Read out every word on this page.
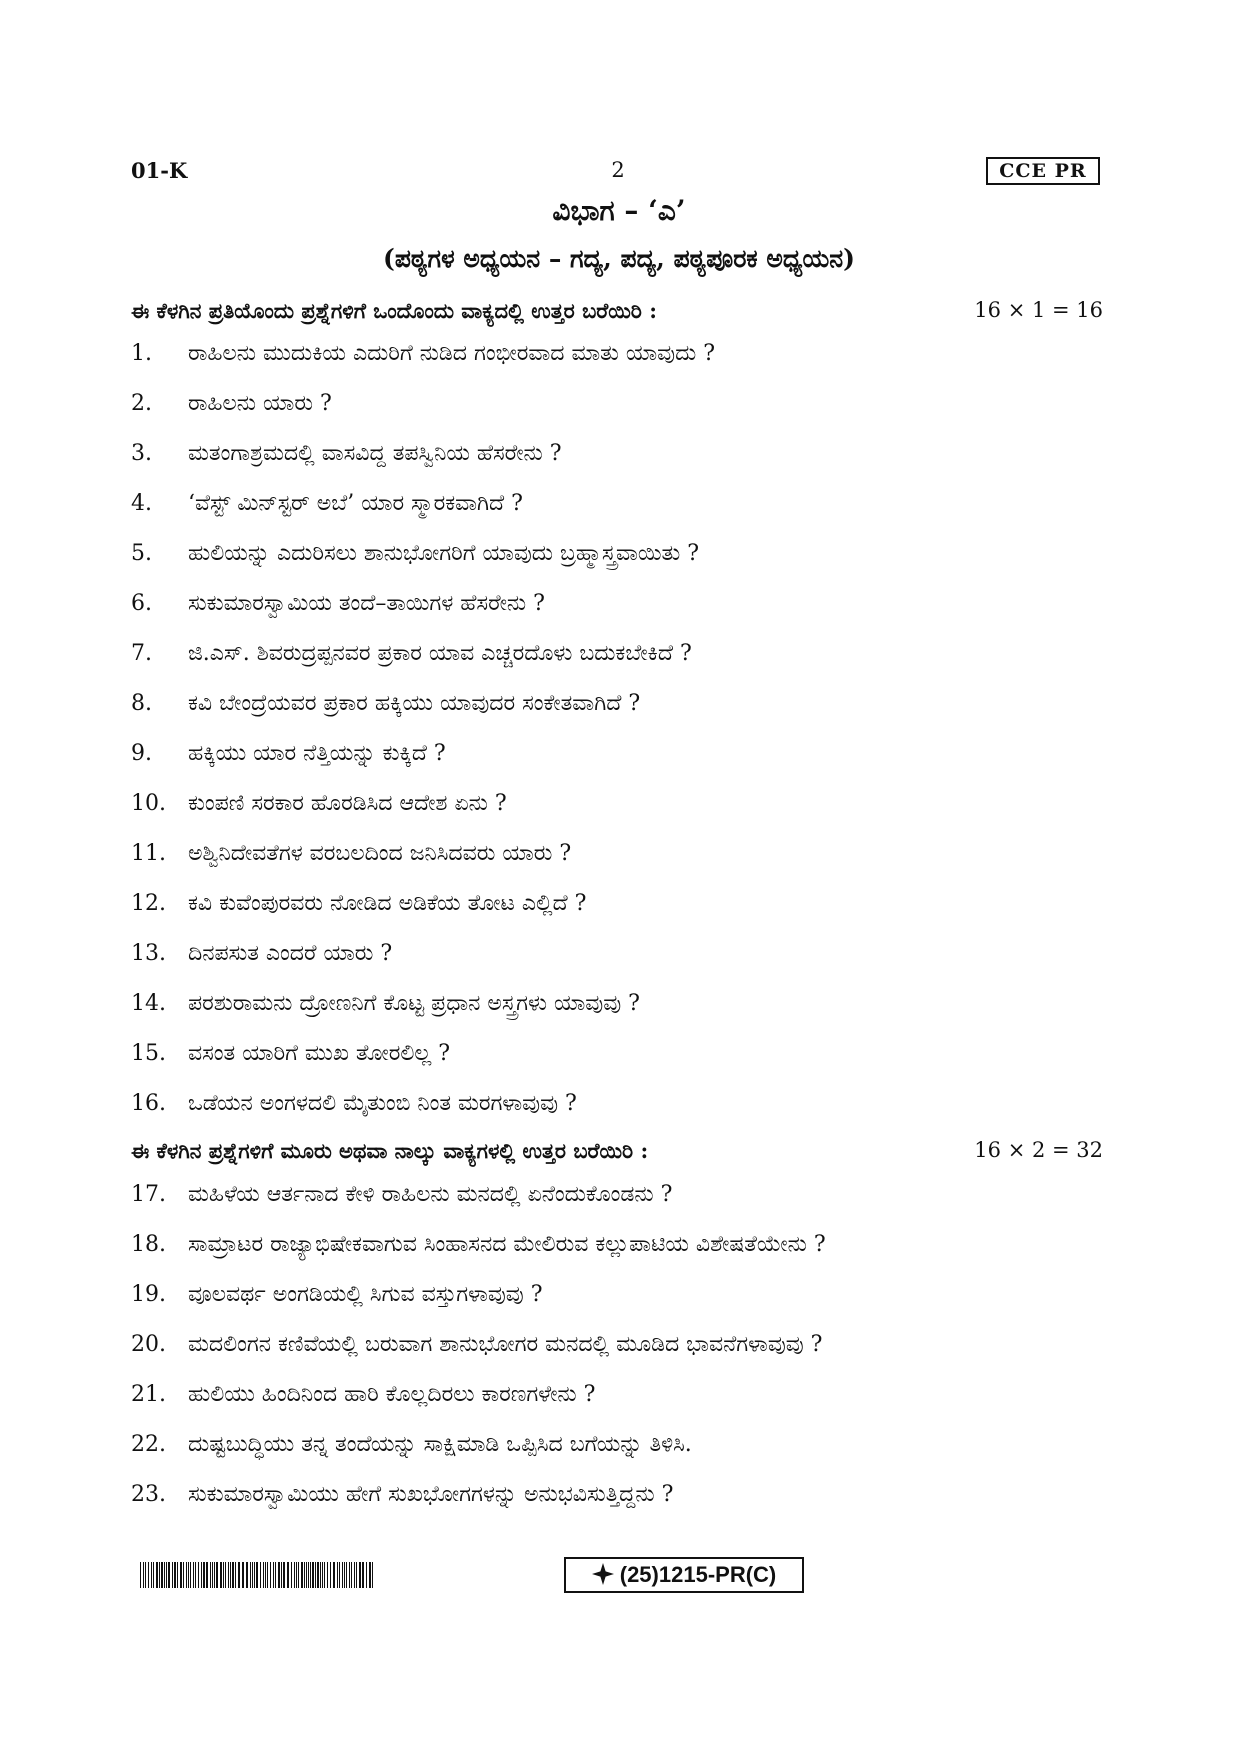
01-K	2	CCE PR
ವಿಭಾಗ – ‘ಎ’
(ಪಠ್ಯಗಳ ಅಧ್ಯಯನ – ಗದ್ಯ, ಪದ್ಯ, ಪಠ್ಯಪೂರಕ ಅಧ್ಯಯನ)
ಈ ಕೆಳಗಿನ ಪ್ರತಿಯೊಂದು ಪ್ರಶ್ನೆಗಳಿಗೆ ಒಂದೊಂದು ವಾಕ್ಯದಲ್ಲಿ ಉತ್ತರ ಬರೆಯಿರಿ :	16 × 1 = 16
1. ರಾಹಿಲನು ಮುದುಕಿಯ ಎದುರಿಗೆ ನುಡಿದ ಗಂಭೀರವಾದ ಮಾತು ಯಾವುದು ?
2. ರಾಹಿಲನು ಯಾರು ?
3. ಮತಂಗಾಶ್ರಮದಲ್ಲಿ ವಾಸವಿದ್ದ ತಪಸ್ವಿನಿಯ ಹೆಸರೇನು ?
4. ‘ವೆಸ್ಟ್ ಮಿನ್‌ಸ್ಟರ್ ಅಬೆ’ ಯಾರ ಸ್ಮಾರಕವಾಗಿದೆ ?
5. ಹುಲಿಯನ್ನು ಎದುರಿಸಲು ಶಾನುಭೋಗರಿಗೆ ಯಾವುದು ಬ್ರಹ್ಮಾಸ್ತ್ರವಾಯಿತು ?
6. ಸುಕುಮಾರಸ್ವಾಮಿಯ ತಂದೆ–ತಾಯಿಗಳ ಹೆಸರೇನು ?
7. ಜಿ.ಎಸ್. ಶಿವರುದ್ರಪ್ಪನವರ ಪ್ರಕಾರ ಯಾವ ಎಚ್ಚರದೊಳು ಬದುಕಬೇಕಿದೆ ?
8. ಕವಿ ಬೇಂದ್ರೆಯವರ ಪ್ರಕಾರ ಹಕ್ಕಿಯು ಯಾವುದರ ಸಂಕೇತವಾಗಿದೆ ?
9. ಹಕ್ಕಿಯು ಯಾರ ನೆತ್ತಿಯನ್ನು ಕುಕ್ಕಿದೆ ?
10. ಕುಂಪಣಿ ಸರಕಾರ ಹೊರಡಿಸಿದ ಆದೇಶ ಏನು ?
11. ಅಶ್ವಿನಿದೇವತೆಗಳ ವರಬಲದಿಂದ ಜನಿಸಿದವರು ಯಾರು ?
12. ಕವಿ ಕುವೆಂಪುರವರು ನೋಡಿದ ಅಡಿಕೆಯ ತೋಟ ಎಲ್ಲಿದೆ ?
13. ದಿನಪಸುತ ಎಂದರೆ ಯಾರು ?
14. ಪರಶುರಾಮನು ದ್ರೋಣನಿಗೆ ಕೊಟ್ಟ ಪ್ರಧಾನ ಅಸ್ತ್ರಗಳು ಯಾವುವು ?
15. ವಸಂತ ಯಾರಿಗೆ ಮುಖ ತೋರಲಿಲ್ಲ ?
16. ಒಡೆಯನ ಅಂಗಳದಲಿ ಮೈತುಂಬಿ ನಿಂತ ಮರಗಳಾವುವು ?
ಈ ಕೆಳಗಿನ ಪ್ರಶ್ನೆಗಳಿಗೆ ಮೂರು ಅಥವಾ ನಾಲ್ಕು ವಾಕ್ಯಗಳಲ್ಲಿ ಉತ್ತರ ಬರೆಯಿರಿ :	16 × 2 = 32
17. ಮಹಿಳೆಯ ಆರ್ತನಾದ ಕೇಳಿ ರಾಹಿಲನು ಮನದಲ್ಲಿ ಏನೆಂದುಕೊಂಡನು ?
18. ಸಾಮ್ರಾಟರ ರಾಜ್ಯಾಭಿಷೇಕವಾಗುವ ಸಿಂಹಾಸನದ ಮೇಲಿರುವ ಕಲ್ಲುಪಾಟಿಯ ವಿಶೇಷತೆಯೇನು ?
19. ವೂಲವರ್ಥ ಅಂಗಡಿಯಲ್ಲಿ ಸಿಗುವ ವಸ್ತುಗಳಾವುವು ?
20. ಮದಲಿಂಗನ ಕಣಿವೆಯಲ್ಲಿ ಬರುವಾಗ ಶಾನುಭೋಗರ ಮನದಲ್ಲಿ ಮೂಡಿದ ಭಾವನೆಗಳಾವುವು ?
21. ಹುಲಿಯು ಹಿಂದಿನಿಂದ ಹಾರಿ ಕೊಲ್ಲದಿರಲು ಕಾರಣಗಳೇನು ?
22. ದುಷ್ಟಬುದ್ಧಿಯು ತನ್ನ ತಂದೆಯನ್ನು ಸಾಕ್ಷಿಮಾಡಿ ಒಪ್ಪಿಸಿದ ಬಗೆಯನ್ನು ತಿಳಿಸಿ.
23. ಸುಕುಮಾರಸ್ವಾಮಿಯು ಹೇಗೆ ಸುಖಭೋಗಗಳನ್ನು ಅನುಭವಿಸುತ್ತಿದ್ದನು ?
(25)1215-PR(C)
